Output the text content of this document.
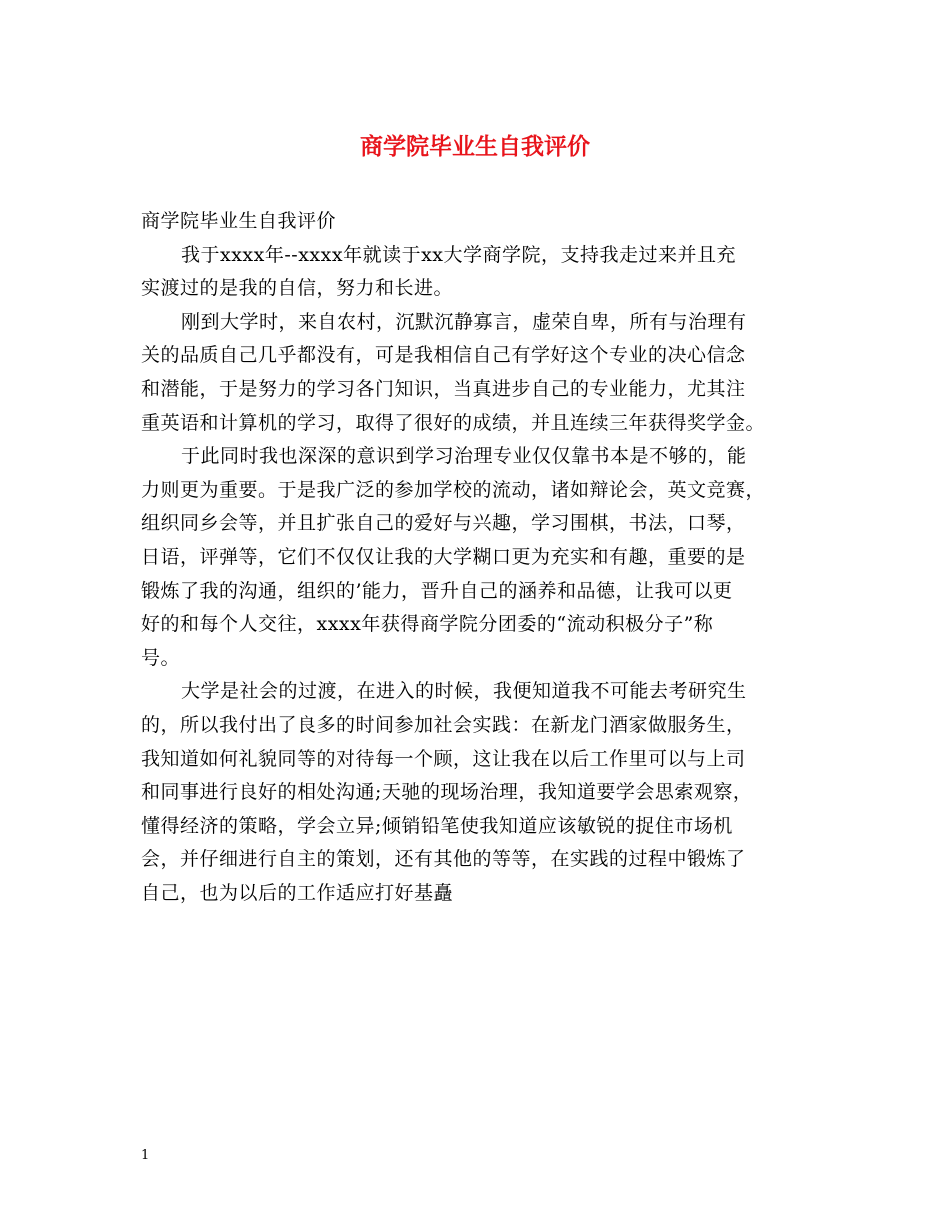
商学院毕业生自我评价
商学院毕业生自我评价
我于xxxx年--xxxx年就读于xx大学商学院，支持我走过来并且充
实渡过的是我的自信，努力和长进。
刚到大学时，来自农村，沉默沉静寡言，虚荣自卑，所有与治理有
关的品质自己几乎都没有，可是我相信自己有学好这个专业的决心信念
和潜能，于是努力的学习各门知识，当真进步自己的专业能力，尤其注
重英语和计算机的学习，取得了很好的成绩，并且连续三年获得奖学金。
于此同时我也深深的意识到学习治理专业仅仅靠书本是不够的，能
力则更为重要。于是我广泛的参加学校的流动，诸如辩论会，英文竞赛，
组织同乡会等，并且扩张自己的爱好与兴趣，学习围棋，书法，口琴，
日语，评弹等，它们不仅仅让我的大学糊口更为充实和有趣，重要的是
锻炼了我的沟通，组织的’能力，晋升自己的涵养和品德，让我可以更
好的和每个人交往，xxxx年获得商学院分团委的“流动积极分子”称
号。
大学是社会的过渡，在进入的时候，我便知道我不可能去考研究生
的，所以我付出了良多的时间参加社会实践：在新龙门酒家做服务生，
我知道如何礼貌同等的对待每一个顾，这让我在以后工作里可以与上司
和同事进行良好的相处沟通;天驰的现场治理，我知道要学会思索观察，
懂得经济的策略，学会立异;倾销铅笔使我知道应该敏锐的捉住市场机
会，并仔细进行自主的策划，还有其他的等等，在实践的过程中锻炼了
自己，也为以后的工作适应打好基矗
1
